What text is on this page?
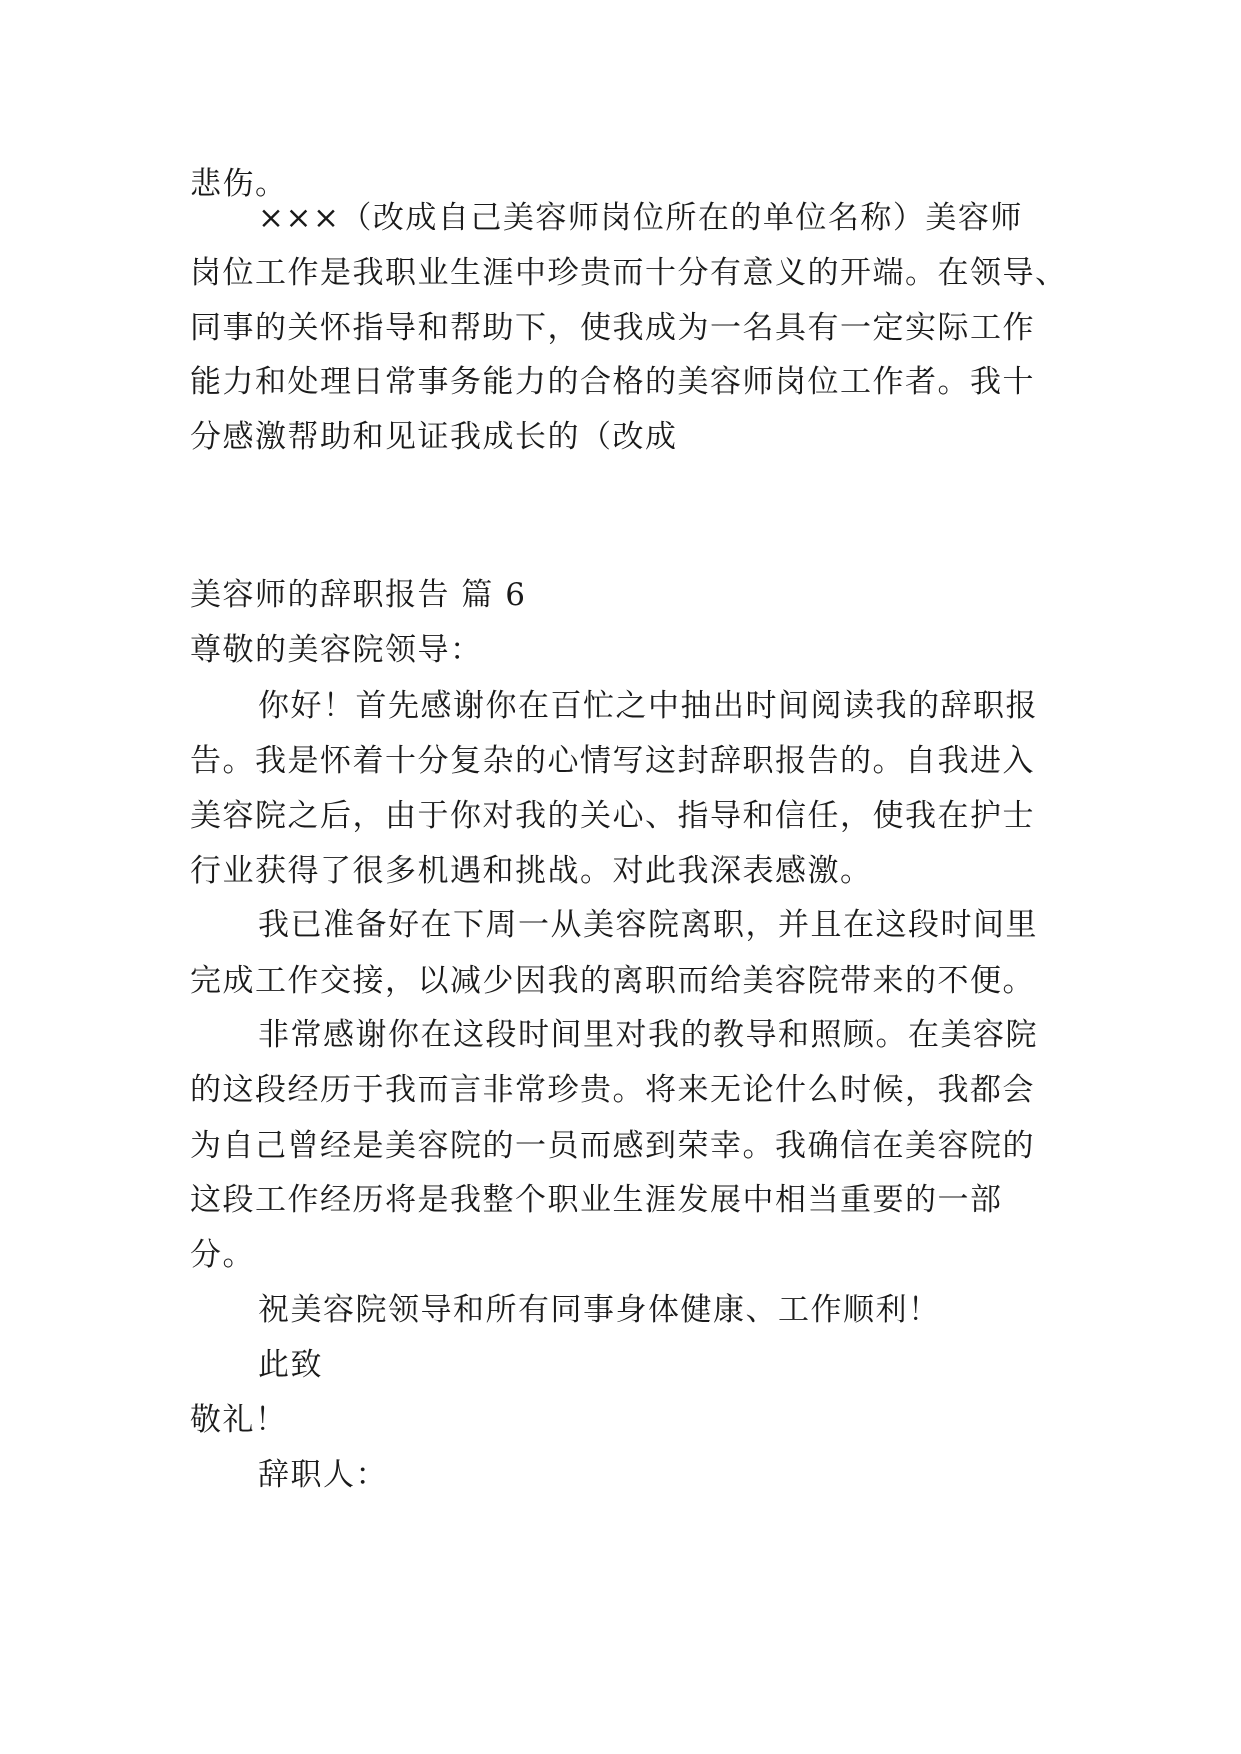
悲伤。
×××（改成自己美容师岗位所在的单位名称）美容师
岗位工作是我职业生涯中珍贵而十分有意义的开端。在领导、
同事的关怀指导和帮助下，使我成为一名具有一定实际工作
能力和处理日常事务能力的合格的美容师岗位工作者。我十
分感激帮助和见证我成长的（改成
美容师的辞职报告 篇 6
尊敬的美容院领导：
你好！首先感谢你在百忙之中抽出时间阅读我的辞职报
告。我是怀着十分复杂的心情写这封辞职报告的。自我进入
美容院之后，由于你对我的关心、指导和信任，使我在护士
行业获得了很多机遇和挑战。对此我深表感激。
我已准备好在下周一从美容院离职，并且在这段时间里
完成工作交接，以减少因我的离职而给美容院带来的不便。
非常感谢你在这段时间里对我的教导和照顾。在美容院
的这段经历于我而言非常珍贵。将来无论什么时候，我都会
为自己曾经是美容院的一员而感到荣幸。我确信在美容院的
这段工作经历将是我整个职业生涯发展中相当重要的一部
分。
祝美容院领导和所有同事身体健康、工作顺利！
此致
敬礼！
辞职人：
